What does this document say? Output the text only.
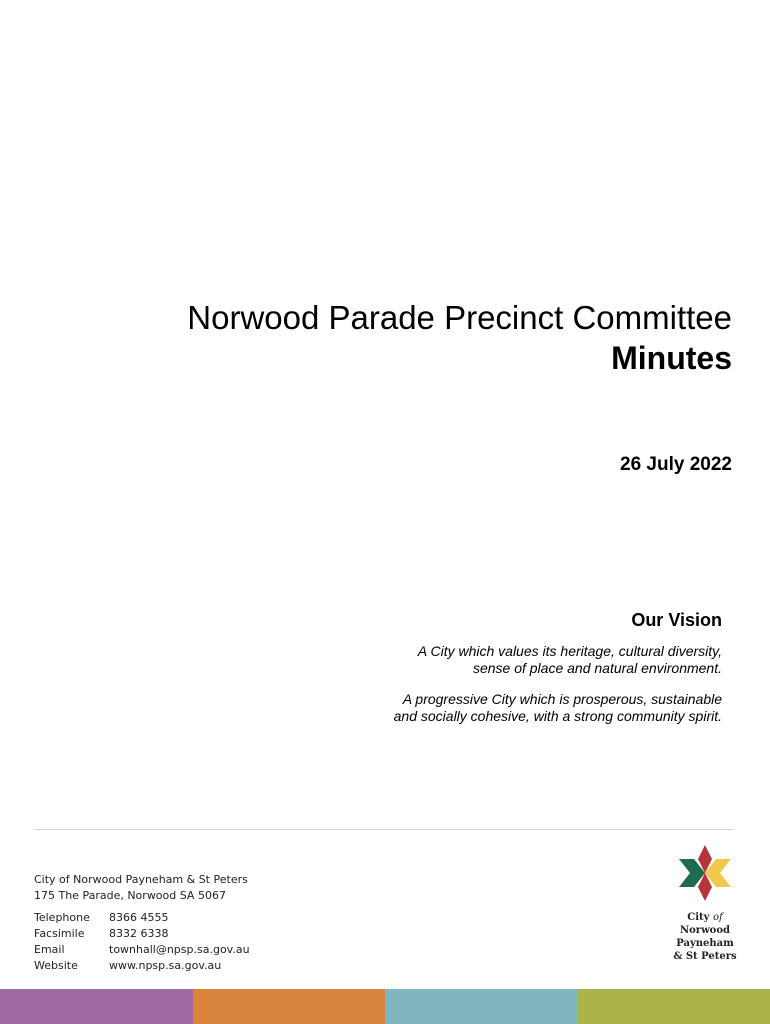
Norwood Parade Precinct Committee
Minutes
26 July 2022
Our Vision

A City which values its heritage, cultural diversity,
sense of place and natural environment.

A progressive City which is prosperous, sustainable
and socially cohesive, with a strong community spirit.

City of Norwood Payneham & St Peters
175 The Parade, Norwood SA 5067
Telephone	8366 4555
Facsimile	8332 6338
Email	townhall@npsp.sa.gov.au
Website	www.npsp.sa.gov.au
City of
Norwood
Payneham
& St Peters
